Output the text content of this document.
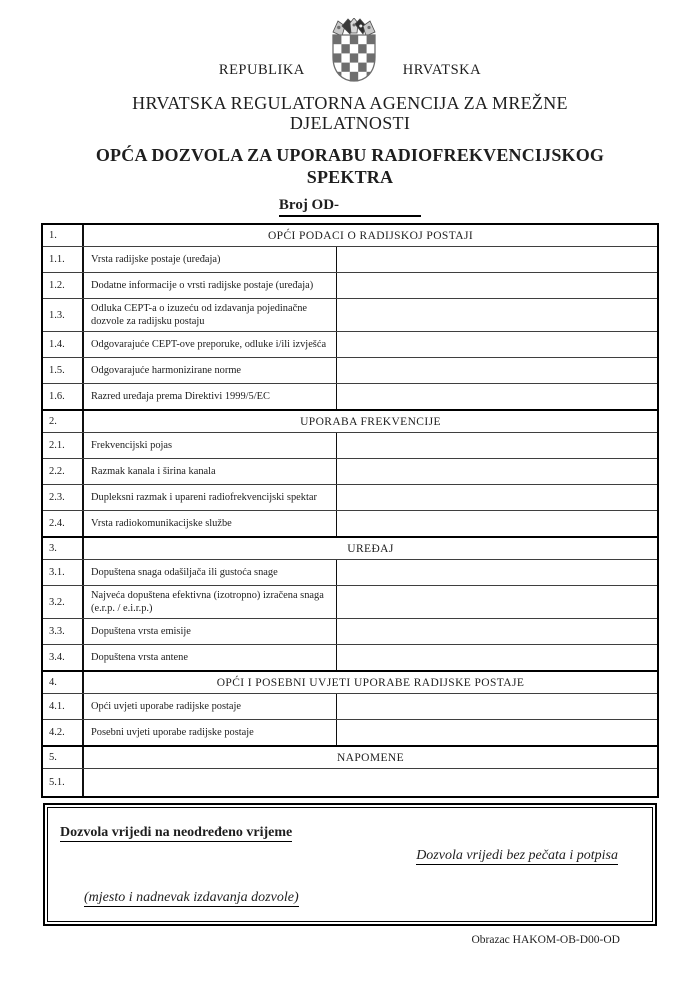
REPUBLIKA	HRVATSKA
HRVATSKA REGULATORNA AGENCIJA ZA MREŽNE
DJELATNOSTI
OPĆA DOZVOLA ZA UPORABU RADIOFREKVENCIJSKOG
SPEKTRA
Broj OD-
1.	OPĆI PODACI O RADIJSKOJ POSTAJI
1.1.	Vrsta radijske postaje (uređaja)
1.2.	Dodatne informacije o vrsti radijske postaje (uređaja)
1.3.
Odluka CEPT-a o izuzeću od izdavanja pojedinačne dozvole za radijsku postaju
1.4.	Odgovarajuće CEPT-ove preporuke, odluke i/ili izvješća
1.5.	Odgovarajuće harmonizirane norme
1.6.	Razred uređaja prema Direktivi 1999/5/EC
2.	UPORABA FREKVENCIJE
2.1.	Frekvencijski pojas
2.2.	Razmak kanala i širina kanala
2.3.	Dupleksni razmak i upareni radiofrekvencijski spektar
2.4.	Vrsta radiokomunikacijske službe
3.	UREĐAJ
3.1.	Dopuštena snaga odašiljača ili gustoća snage
3.2.
Najveća dopuštena efektivna (izotropno) izračena snaga (e.r.p. / e.i.r.p.)
3.3.	Dopuštena vrsta emisije
3.4.	Dopuštena vrsta antene
4.	OPĆI I POSEBNI UVJETI UPORABE RADIJSKE POSTAJE
4.1.	Opći uvjeti uporabe radijske postaje
4.2.	Posebni uvjeti uporabe radijske postaje
5.	NAPOMENE
5.1.
Dozvola vrijedi na neodređeno vrijeme
Dozvola vrijedi bez pečata i potpisa
(mjesto i nadnevak izdavanja dozvole)
Obrazac HAKOM-OB-D00-OD
